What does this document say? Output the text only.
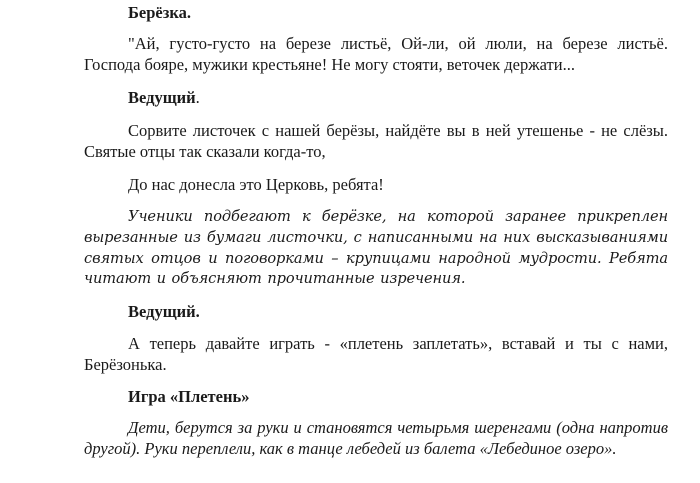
Берёзка.

"Ай, густо-густо на березе листьё, Ой-ли, ой люли, на березе листьё. Господа бояре, мужики крестьяне! Не могу стояти, веточек держати...

Ведущий.

Сорвите листочек с нашей берёзы, найдёте вы в ней утешенье - не слёзы. Святые отцы так сказали когда-то,

До нас донесла это Церковь, ребята!

Ученики подбегают к берёзке, на которой заранее прикреплен вырезанные из бумаги листочки, с написанными на них высказываниями святых отцов и поговорками – крупицами народной мудрости. Ребята читают и объясняют прочитанные изречения.

Ведущий.

А теперь давайте играть - «плетень заплетать», вставай и ты с нами, Берёзонька.

Игра «Плетень»

Дети, берутся за руки и становятся четырьмя шеренгами (одна напротив другой). Руки переплели, как в танце лебедей из балета «Лебединое озеро».
